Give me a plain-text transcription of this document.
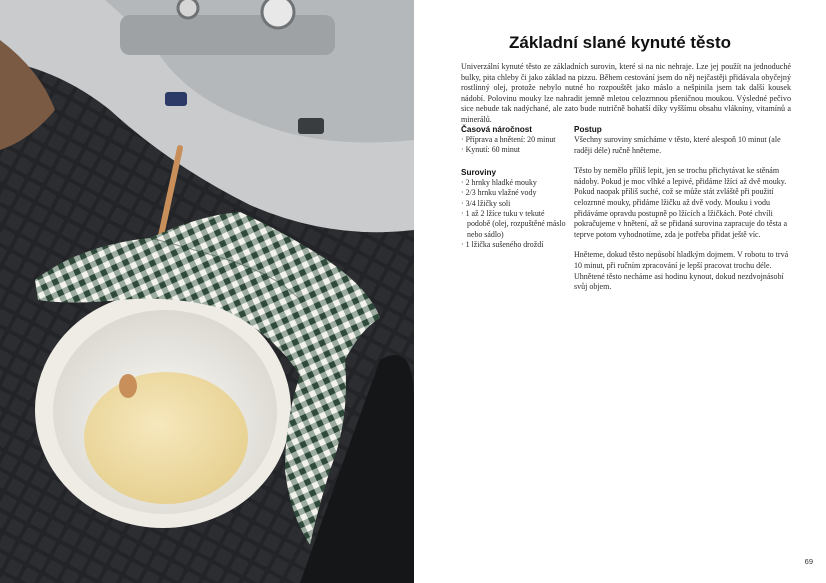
Základní slané kynuté těsto

Univerzální kynuté těsto ze základních surovin, které si na nic nehraje. Lze jej použít na jednoduché bulky, pita chleby či jako základ na pizzu. Během cestování jsem do něj nejčastěji přidávala obyčejný rostlinný olej, protože nebylo nutné ho rozpouštět jako máslo a nešpinila jsem tak další kousek nádobí. Polovinu mouky lze nahradit jemně mletou celozrnnou pšeničnou moukou. Výsledné pečivo sice nebude tak nadýchané, ale zato bude nutričně bohatší díky vyššímu obsahu vlákniny, vitamínů a minerálů.

Časová náročnost
· Příprava a hnětení: 20 minut
· Kynutí: 60 minut
Suroviny
· 2 hrnky hladké mouky
· 2/3 hrnku vlažné vody
· 3/4 lžičky soli
· 1 až 2 lžíce tuku v tekuté podobě (olej, rozpuštěné máslo nebo sádlo)
· 1 lžička sušeného droždí
Postup

Všechny suroviny smícháme v těstо, které alespoň 10 minut (ale raději déle) ručně hněteme.

Těsto by nemělo příliš lepit, jen se trochu přichytávat ke stěnám nádoby. Pokud je moc vlhké a lepivé, přidáme lžíci až dvě mouky. Pokud naopak příliš suché, což se může stát zvláště při použití celozrnné mouky, přidáme lžičku až dvě vody. Mouku i vodu přidáváme opravdu postupně po lžících a lžičkách. Poté chvíli pokračujeme v hnětení, až se přidaná surovina zapracuje do těsta a teprve potom vyhodnotíme, zda je potřeba přidat ještě víc.

Hněteme, dokud těsto nepůsobí hladkým dojmem. V robotu to trvá 10 minut, při ručním zpracování je lepší pracovat trochu déle. Uhnětené těsto necháme asi hodinu kynout, dokud nezdvojnásobí svůj objem.

69
